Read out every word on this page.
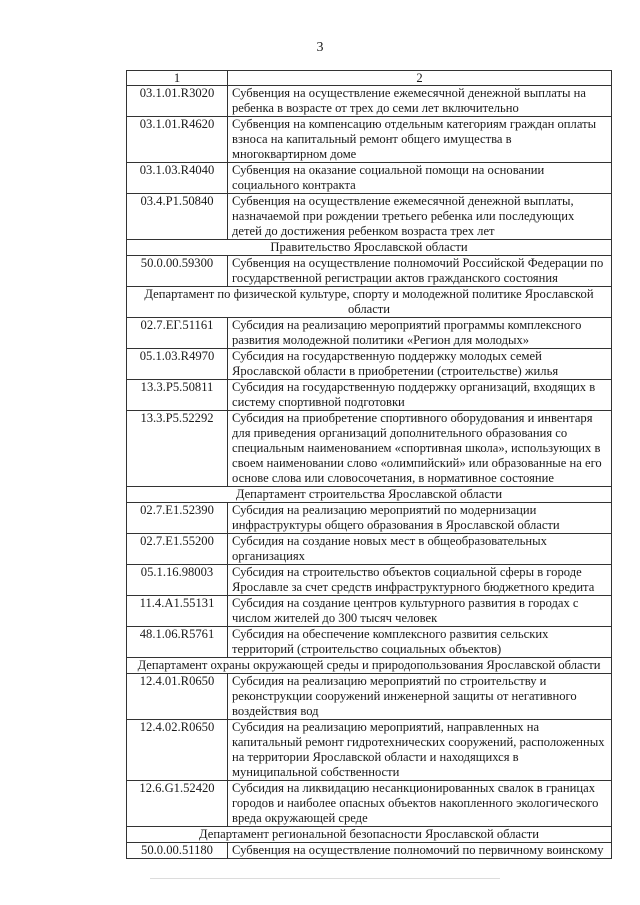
3
1	2
03.1.01.R3020	Субвенция на осуществление ежемесячной денежной выплаты на ребенка в возрасте от трех до семи лет включительно
03.1.01.R4620	Субвенция на компенсацию отдельным категориям граждан оплаты взноса на капитальный ремонт общего имущества в многоквартирном доме
03.1.03.R4040	Субвенция на оказание социальной помощи на основании социального контракта
03.4.P1.50840	Субвенция на осуществление ежемесячной денежной выплаты, назначаемой при рождении третьего ребенка или последующих детей до достижения ребенком возраста трех лет
Правительство Ярославской области	
50.0.00.59300	Субвенция на осуществление полномочий Российской Федерации по государственной регистрации актов гражданского состояния
Департамент по физической культуре, спорту и молодежной политике Ярославской области	
02.7.ЕГ.51161	Субсидия на реализацию мероприятий программы комплексного развития молодежной политики «Регион для молодых»
05.1.03.R4970	Субсидия на государственную поддержку молодых семей Ярославской области в приобретении (строительстве) жилья
13.3.P5.50811	Субсидия на государственную поддержку организаций, входящих в систему спортивной подготовки
13.3.P5.52292	Субсидия на приобретение спортивного оборудования и инвентаря для приведения организаций дополнительного образования со специальным наименованием «спортивная школа», использующих в своем наименовании слово «олимпийский» или образованные на его основе слова или словосочетания, в нормативное состояние
Департамент строительства Ярославской области	
02.7.E1.52390	Субсидия на реализацию мероприятий по модернизации инфраструктуры общего образования в Ярославской области
02.7.E1.55200	Субсидия на создание новых мест в общеобразовательных организациях
05.1.16.98003	Субсидия на строительство объектов социальной сферы в городе Ярославле за счет средств инфраструктурного бюджетного кредита
11.4.A1.55131	Субсидия на создание центров культурного развития в городах с числом жителей до 300 тысяч человек
48.1.06.R5761	Субсидия на обеспечение комплексного развития сельских территорий (строительство социальных объектов)
Департамент охраны окружающей среды и природопользования Ярославской области	
12.4.01.R0650	Субсидия на реализацию мероприятий по строительству и реконструкции сооружений инженерной защиты от негативного воздействия вод
12.4.02.R0650	Субсидия на реализацию мероприятий, направленных на капитальный ремонт гидротехнических сооружений, расположенных на территории Ярославской области и находящихся в муниципальной собственности
12.6.G1.52420	Субсидия на ликвидацию несанкционированных свалок в границах городов и наиболее опасных объектов накопленного экологического вреда окружающей среде
Департамент региональной безопасности Ярославской области	
50.0.00.51180	Субвенция на осуществление полномочий по первичному воинскому
